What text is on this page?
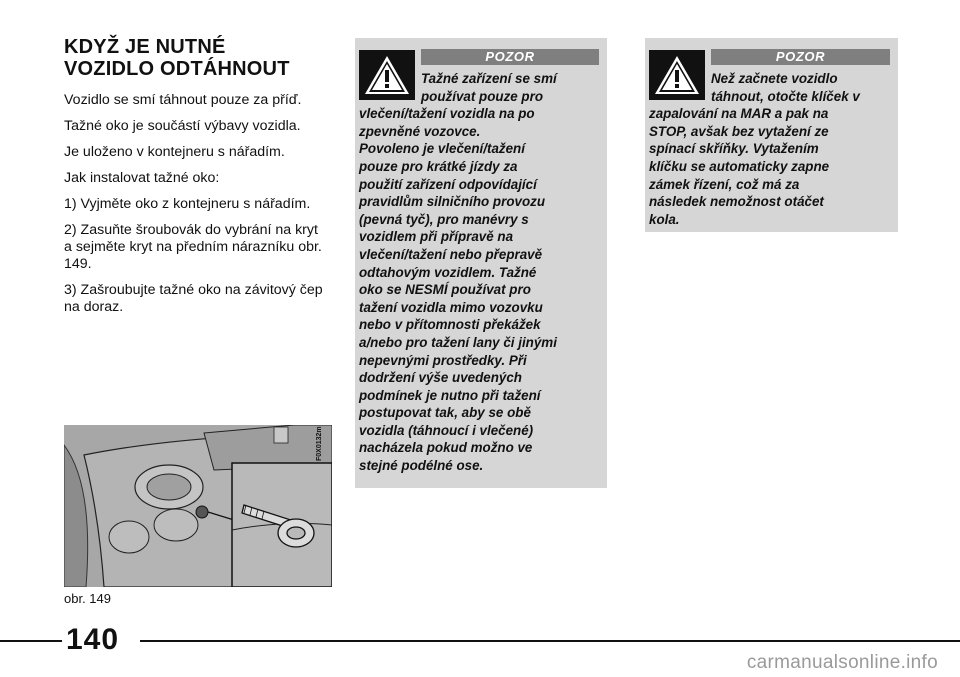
KDYŽ JE NUTNÉ
VOZIDLO ODTÁHNOUT

Vozidlo se smí táhnout pouze za příď.

Tažné oko je součástí výbavy vozidla.

Je uloženo v kontejneru s nářadím.

Jak instalovat tažné oko:

1) Vyjměte oko z kontejneru s nářadím.

2) Zasuňte šroubovák do vybrání na kryt a sejměte kryt na předním nárazníku obr. 149.

3) Zašroubujte tažné oko na závitový čep na doraz.

F0X0132m
obr. 149
POZOR
Tažné zařízení se smí
používat pouze pro
vlečení/tažení vozidla na po
zpevněné vozovce.
Povoleno je vlečení/tažení
pouze pro krátké jízdy za
použití zařízení odpovídající
pravidlům silničního provozu
(pevná tyč), pro manévry s
vozidlem při přípravě na
vlečení/tažení nebo přepravě
odtahovým vozidlem. Tažné
oko se NESMÍ používat pro
tažení vozidla mimo vozovku
nebo v přítomnosti překážek
a/nebo pro tažení lany či jinými
nepevnými prostředky. Při
dodržení výše uvedených
podmínek je nutno při tažení
postupovat tak, aby se obě
vozidla (táhnoucí i vlečené)
nacházela pokud možno ve
stejné podélné ose.
POZOR
Než začnete vozidlo
táhnout, otočte klíček v
zapalování na MAR a pak na
STOP, avšak bez vytažení ze
spínací skříňky. Vytažením
klíčku se automaticky zapne
zámek řízení, což má za
následek nemožnost otáčet
kola.
140
carmanualsonline.info
